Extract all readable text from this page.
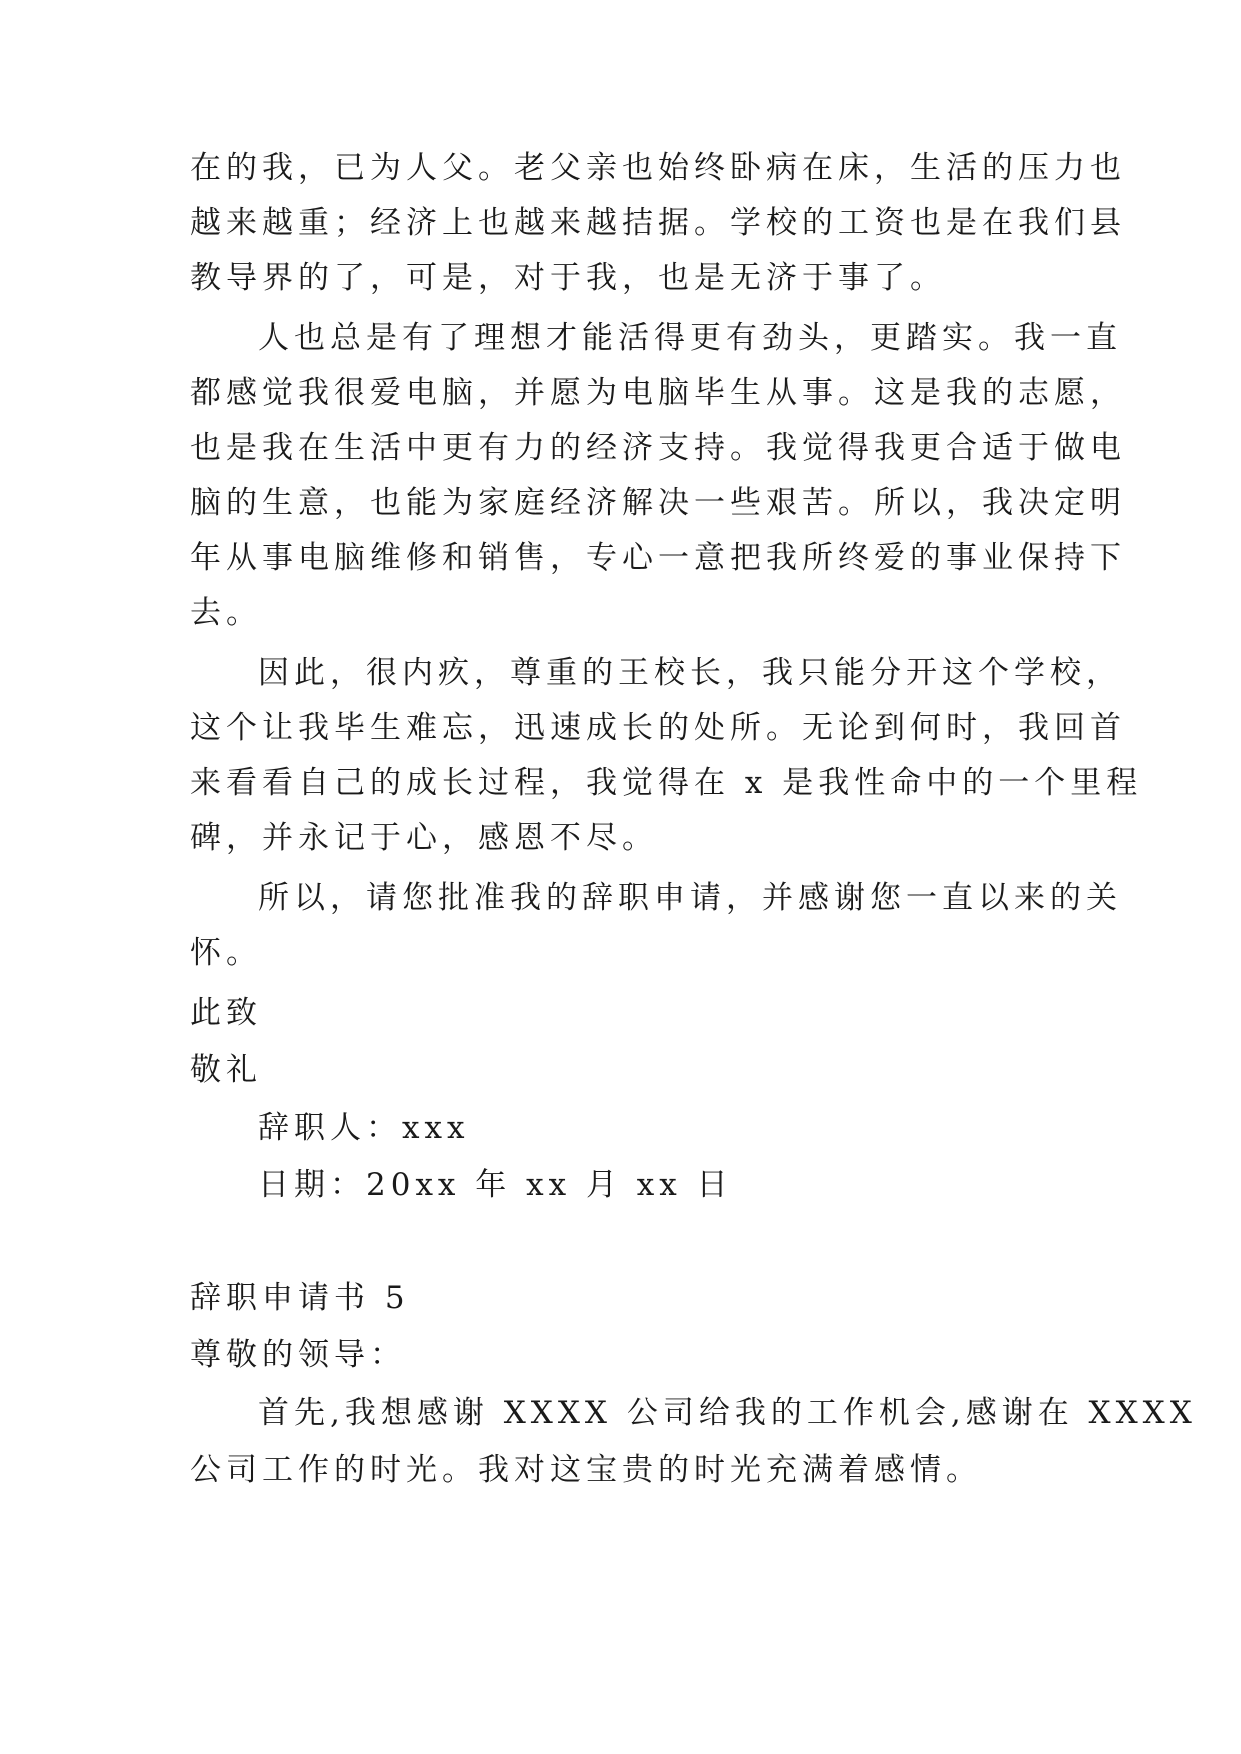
在的我，已为人父。老父亲也始终卧病在床，生活的压力也
越来越重；经济上也越来越拮据。学校的工资也是在我们县
教导界的了，可是，对于我，也是无济于事了。
人也总是有了理想才能活得更有劲头，更踏实。我一直
都感觉我很爱电脑，并愿为电脑毕生从事。这是我的志愿，
也是我在生活中更有力的经济支持。我觉得我更合适于做电
脑的生意，也能为家庭经济解决一些艰苦。所以，我决定明
年从事电脑维修和销售，专心一意把我所终爱的事业保持下
去。
因此，很内疚，尊重的王校长，我只能分开这个学校，
这个让我毕生难忘，迅速成长的处所。无论到何时，我回首
来看看自己的成长过程，我觉得在 x 是我性命中的一个里程
碑，并永记于心，感恩不尽。
所以，请您批准我的辞职申请，并感谢您一直以来的关
怀。
此致
敬礼
辞职人：xxx
日期：20xx 年 xx 月 xx 日
辞职申请书 5
尊敬的领导：
首先,我想感谢 XXXX 公司给我的工作机会,感谢在 XXXX
公司工作的时光。我对这宝贵的时光充满着感情。
